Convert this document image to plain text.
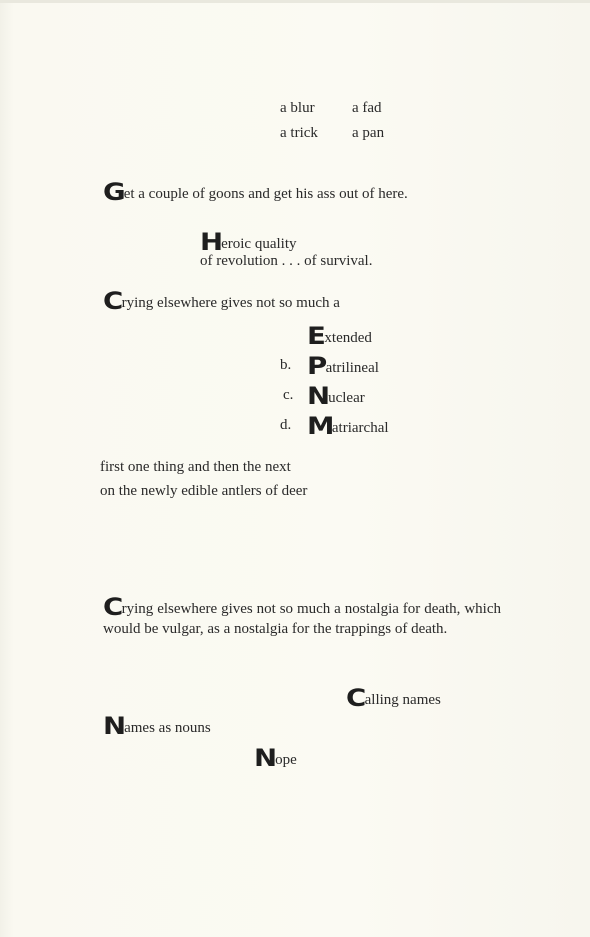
a blur a fad
a trick a pan
Get a couple of goons and get his ass out of here.
Heroic quality
of revolution . . . of survival.
Crying elsewhere gives not so much a
Extended
b. Patrilineal
c. Nuclear
d. Matriarchal
first one thing and then the next
on the newly edible antlers of deer
Crying elsewhere gives not so much a nostalgia for death, which would be vulgar, as a nostalgia for the trappings of death.
Calling names
Names as nouns
Nope
